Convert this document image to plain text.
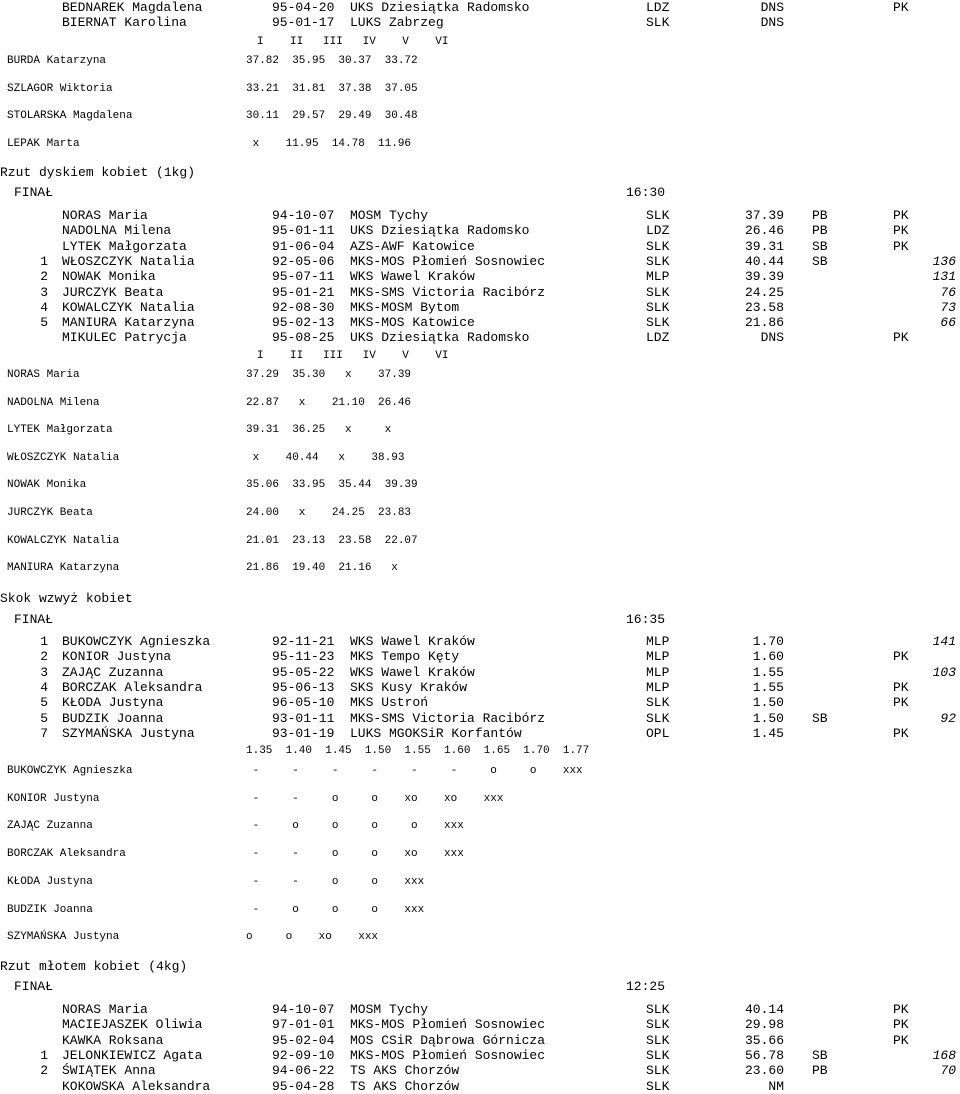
BEDNAREK Magdalena	95-04-20 UKS Dziesiątka Radomsko	LDZ	DNS	PK
BIERNAT Karolina	95-01-17 LUKS Zabrzeg	SLK	DNS
I    II   III   IV    V    VI
BURDA Katarzyna	37.82  35.95  30.37  33.72
SZLAGOR Wiktoria	33.21  31.81  37.38  37.05
STOLARSKA Magdalena	30.11  29.57  29.49  30.48
LEPAK Marta	x    11.95  14.78  11.96
Rzut dyskiem kobiet (1kg)
FINAŁ	16:30
NORAS Maria	94-10-07 MOSM Tychy	SLK	37.39 PB	PK
NADOLNA Milena	95-01-11 UKS Dziesiątka Radomsko	LDZ	26.46 PB	PK
LYTEK Małgorzata	91-06-04 AZS-AWF Katowice	SLK	39.31 SB	PK
1 WŁOSZCZYK Natalia	92-05-06 MKS-MOS Płomień Sosnowiec	SLK	40.44 SB	136
2 NOWAK Monika	95-07-11 WKS Wawel Kraków	MLP	39.39	131
3 JURCZYK Beata	95-01-21 MKS-SMS Victoria Racibórz	SLK	24.25	76
4 KOWALCZYK Natalia	92-08-30 MKS-MOSM Bytom	SLK	23.58	73
5 MANIURA Katarzyna	95-02-13 MKS-MOS Katowice	SLK	21.86	66
MIKULEC Patrycja	95-08-25 UKS Dziesiątka Radomsko	LDZ	DNS	PK
I    II   III   IV    V    VI
NORAS Maria	37.29  35.30   x    37.39
NADOLNA Milena	22.87   x    21.10  26.46
LYTEK Małgorzata	39.31  36.25   x     x
WŁOSZCZYK Natalia	x    40.44   x    38.93
NOWAK Monika	35.06  33.95  35.44  39.39
JURCZYK Beata	24.00   x    24.25  23.83
KOWALCZYK Natalia	21.01  23.13  23.58  22.07
MANIURA Katarzyna	21.86  19.40  21.16   x
Skok wzwyż kobiet
FINAŁ	16:35
1 BUKOWCZYK Agnieszka	92-11-21 WKS Wawel Kraków	MLP	1.70	141
2 KONIOR Justyna	95-11-23 MKS Tempo Kęty	MLP	1.60	PK
3 ZAJĄC Zuzanna	95-05-22 WKS Wawel Kraków	MLP	1.55	103
4 BORCZAK Aleksandra	95-06-13 SKS Kusy Kraków	MLP	1.55	PK
5 KŁODA Justyna	96-05-10 MKS Ustroń	SLK	1.50	PK
5 BUDZIK Joanna	93-01-11 MKS-SMS Victoria Racibórz	SLK	1.50 SB	92
7 SZYMAŃSKA Justyna	93-01-19 LUKS MGOKSiR Korfantów	OPL	1.45	PK
1.35  1.40  1.45  1.50  1.55  1.60  1.65  1.70  1.77
BUKOWCZYK Agnieszka	-     -     -     -     -     -     o     o    xxx
KONIOR Justyna	-     -     o     o    xo    xo    xxx
ZAJĄC Zuzanna	-     o     o     o     o    xxx
BORCZAK Aleksandra	-     -     o     o    xo    xxx
KŁODA Justyna	-     -     o     o    xxx
BUDZIK Joanna	-     o     o     o    xxx
SZYMAŃSKA Justyna	o     o    xo    xxx
Rzut młotem kobiet (4kg)
FINAŁ	12:25
NORAS Maria	94-10-07 MOSM Tychy	SLK	40.14	PK
MACIEJASZEK Oliwia	97-01-01 MKS-MOS Płomień Sosnowiec	SLK	29.98	PK
KAWKA Roksana	95-02-04 MOS CSiR Dąbrowa Górnicza	SLK	35.66	PK
1 JELONKIEWICZ Agata	92-09-10 MKS-MOS Płomień Sosnowiec	SLK	56.78 SB	168
2 ŚWIĄTEK Anna	94-06-22 TS AKS Chorzów	SLK	23.60 PB	70
KOKOWSKA Aleksandra	95-04-28 TS AKS Chorzów	SLK	NM
